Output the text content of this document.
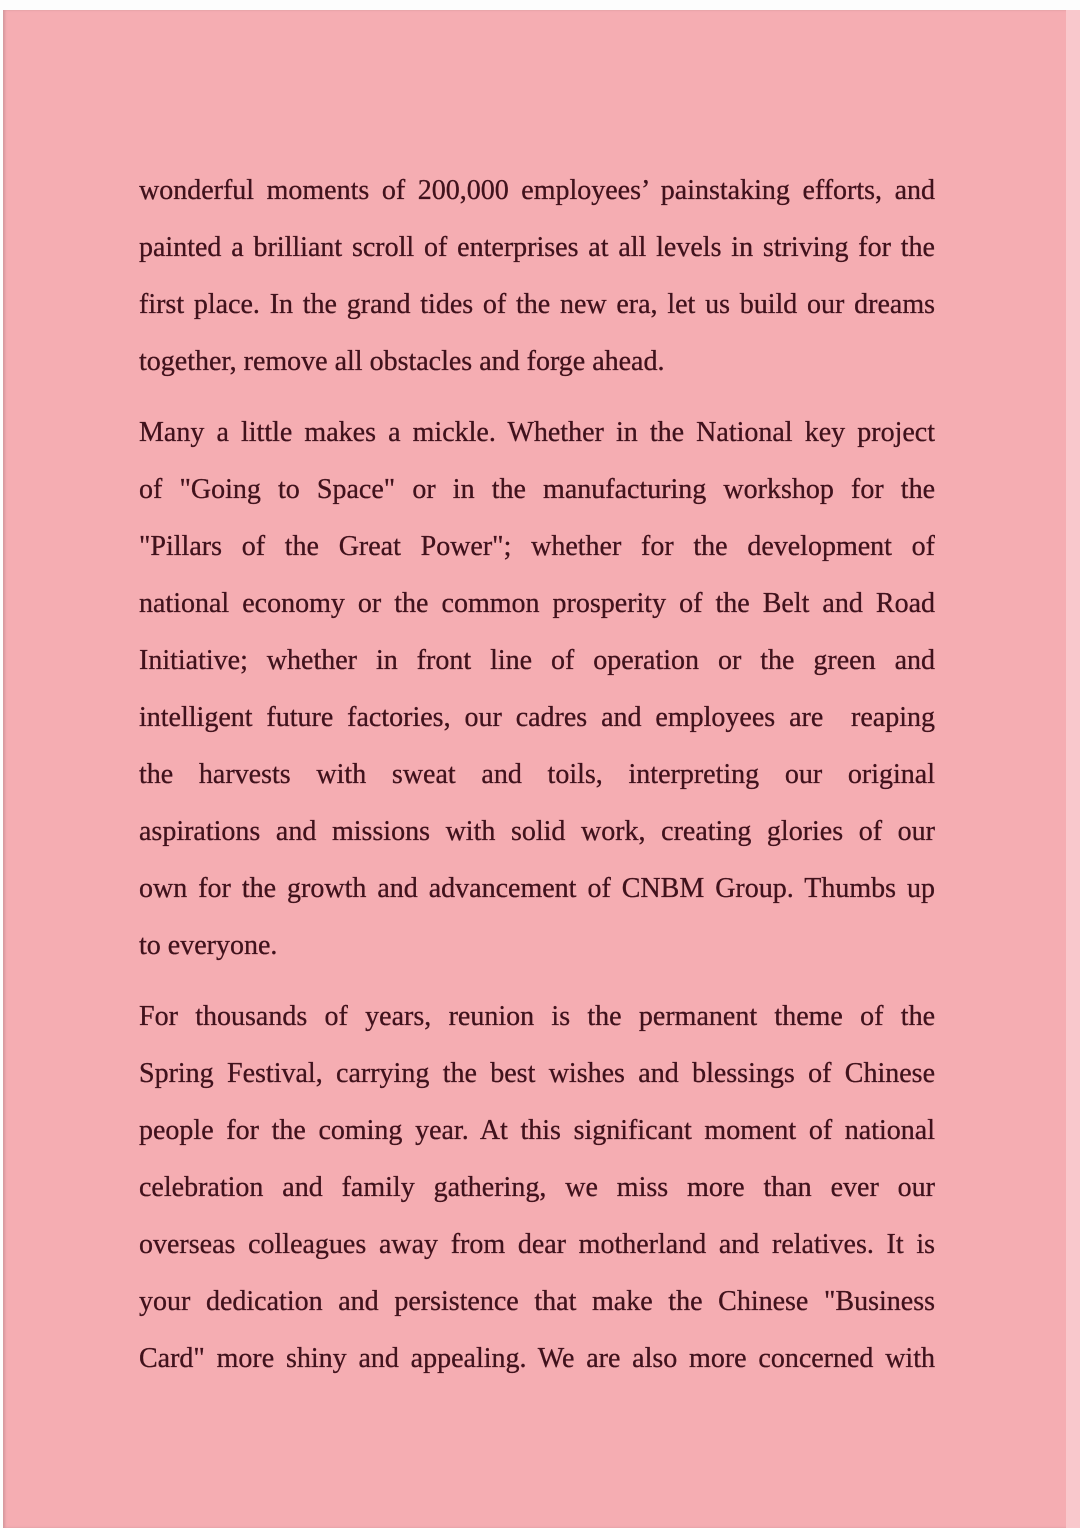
wonderful moments of 200,000 employees’ painstaking efforts, and
painted a brilliant scroll of enterprises at all levels in striving for the
first place. In the grand tides of the new era, let us build our dreams
together, remove all obstacles and forge ahead.
Many a little makes a mickle. Whether in the National key project
of "Going to Space" or in the manufacturing workshop for the
"Pillars of the Great Power"; whether for the development of
national economy or the common prosperity of the Belt and Road
Initiative; whether in front line of operation or the green and
intelligent future factories, our cadres and employees are  reaping
the harvests with sweat and toils, interpreting our original
aspirations and missions with solid work, creating glories of our
own for the growth and advancement of CNBM Group. Thumbs up
to everyone.
For thousands of years, reunion is the permanent theme of the
Spring Festival, carrying the best wishes and blessings of Chinese
people for the coming year. At this significant moment of national
celebration and family gathering, we miss more than ever our
overseas colleagues away from dear motherland and relatives. It is
your dedication and persistence that make the Chinese "Business
Card" more shiny and appealing. We are also more concerned with
